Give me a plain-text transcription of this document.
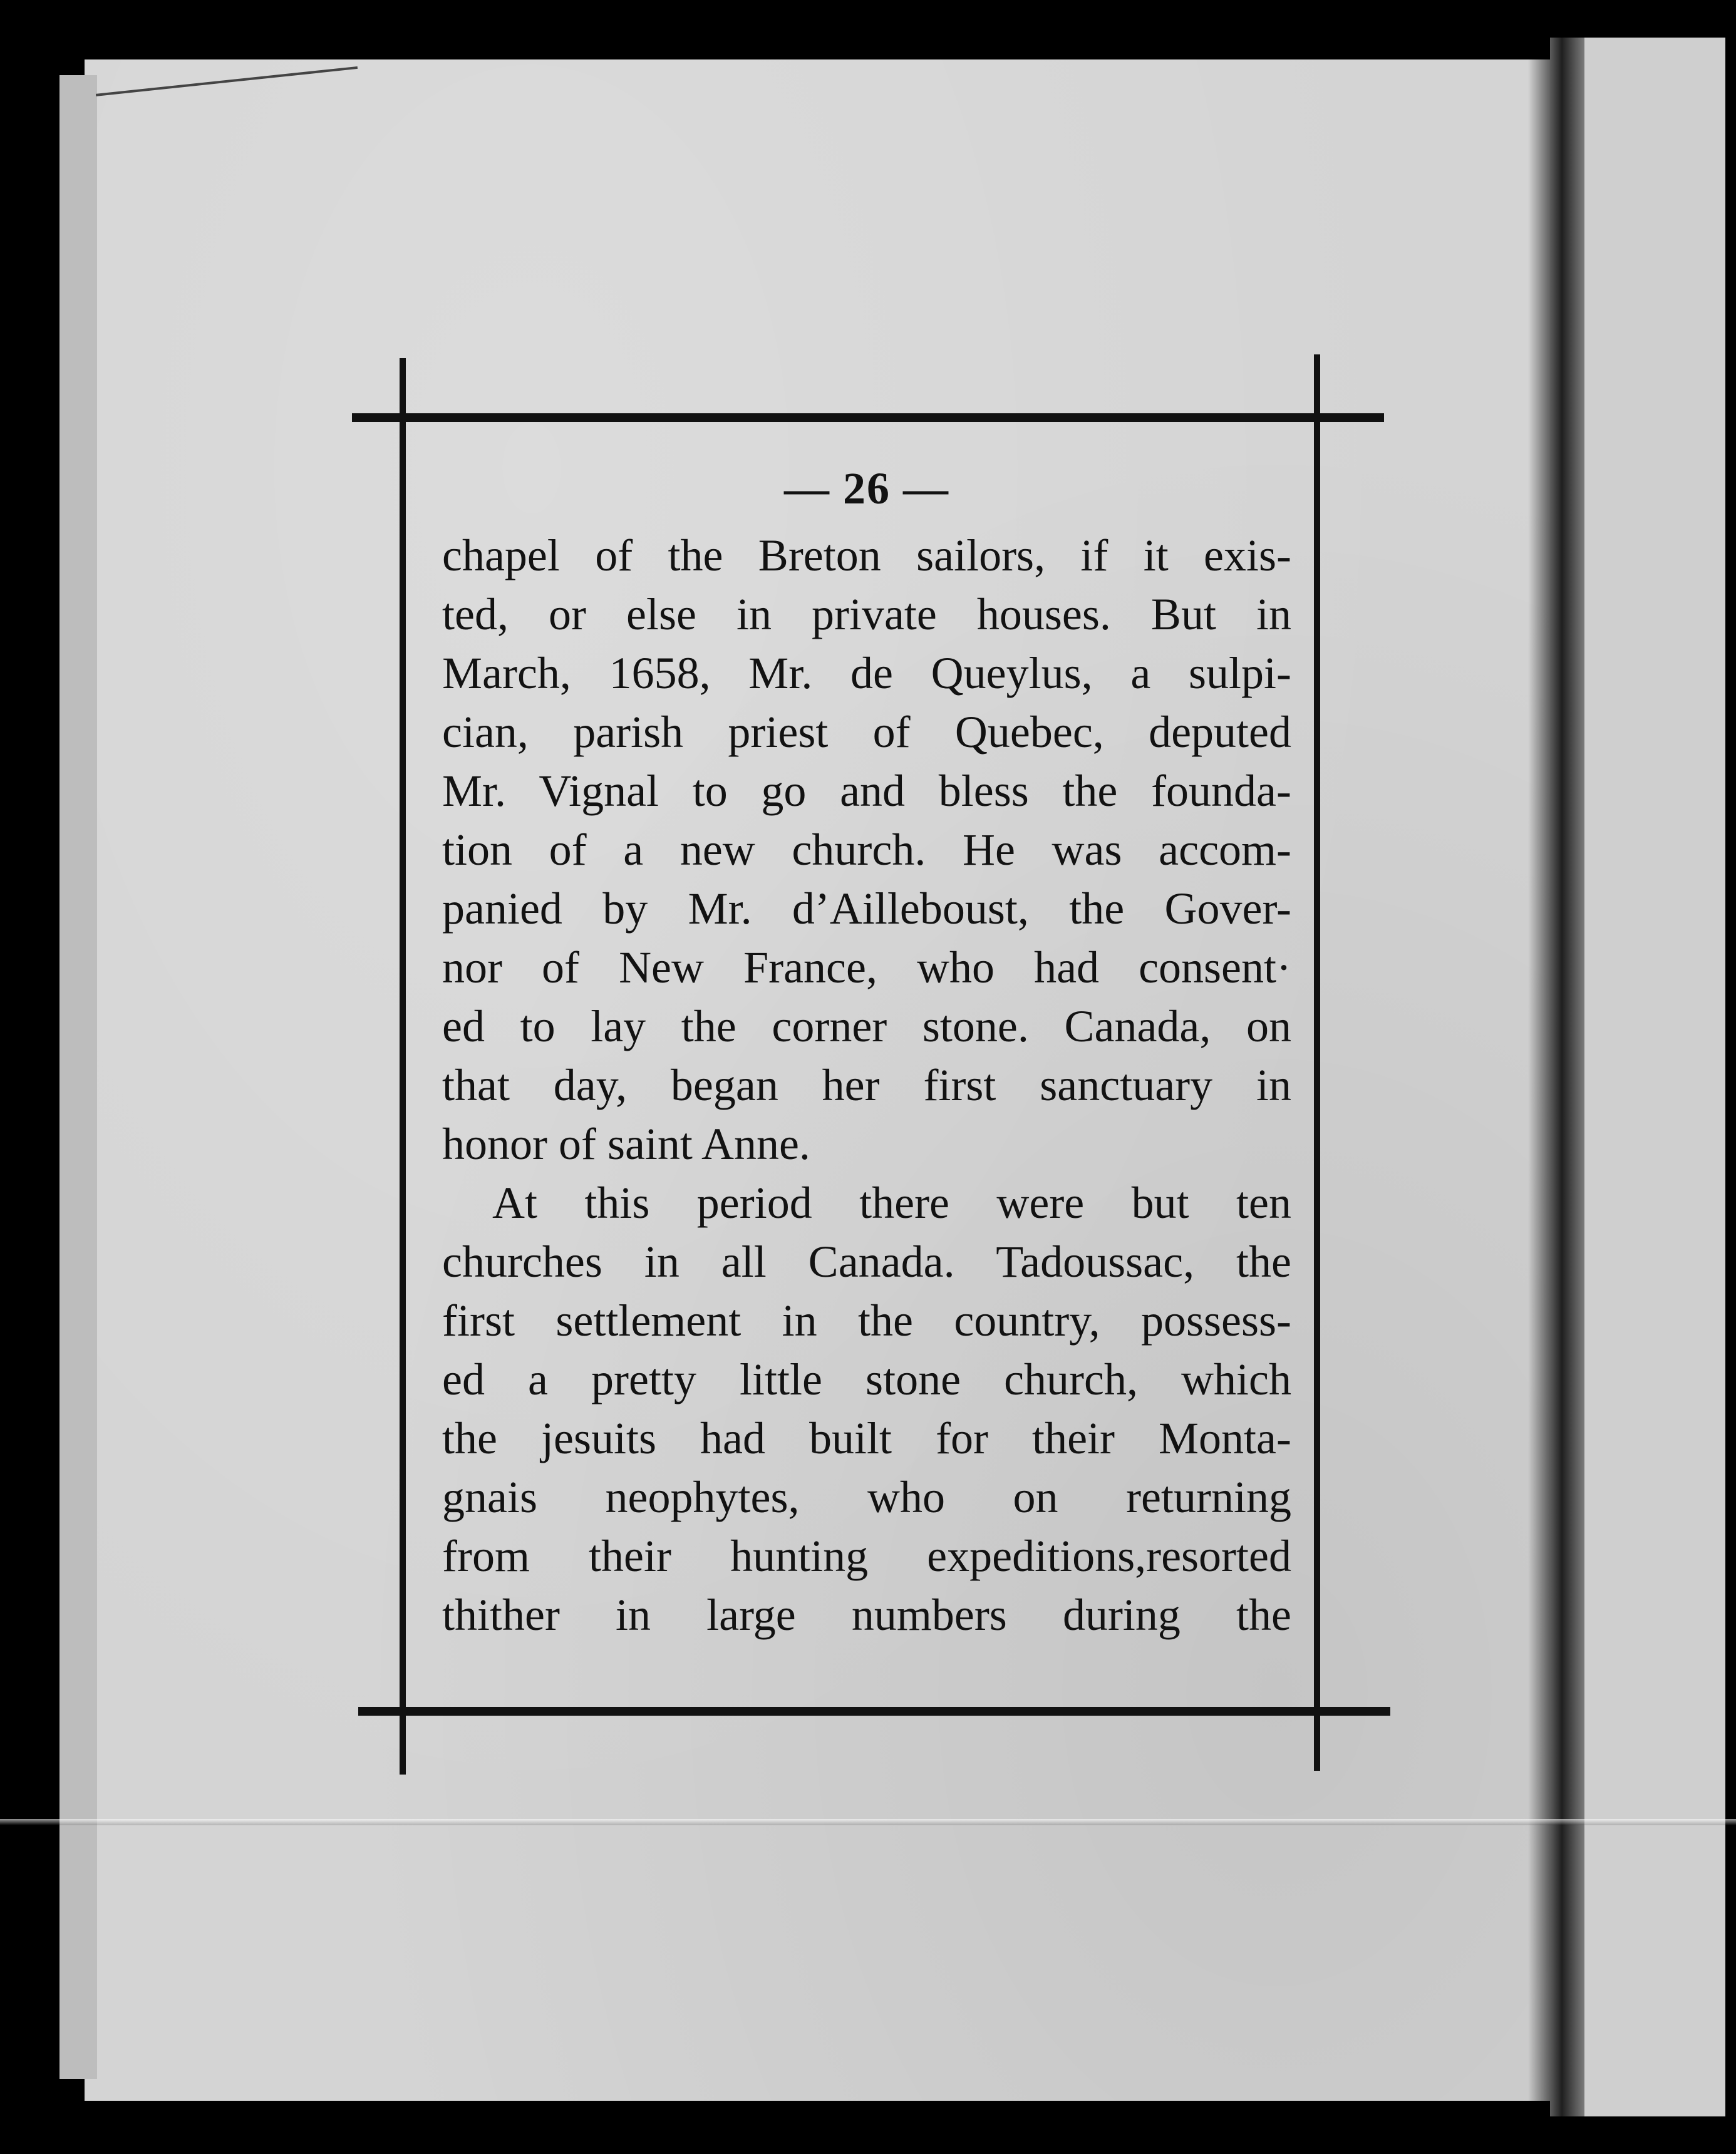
— 26 —
chapel of the Breton sailors, if it exis-
ted, or else in private houses. But in
March, 1658, Mr. de Queylus, a sulpi-
cian, parish priest of Quebec, deputed
Mr. Vignal to go and bless the founda-
tion of a new church. He was accom-
panied by Mr. d’Ailleboust, the Gover-
nor of New France, who had consent·
ed to lay the corner stone. Canada, on
that day, began her first sanctuary in
honor of saint Anne.
At this period there were but ten
churches in all Canada. Tadoussac, the
first settlement in the country, possess-
ed a pretty little stone church, which
the jesuits had built for their Monta-
gnais neophytes, who on returning
from their hunting expeditions,resorted
thither in large numbers during the
